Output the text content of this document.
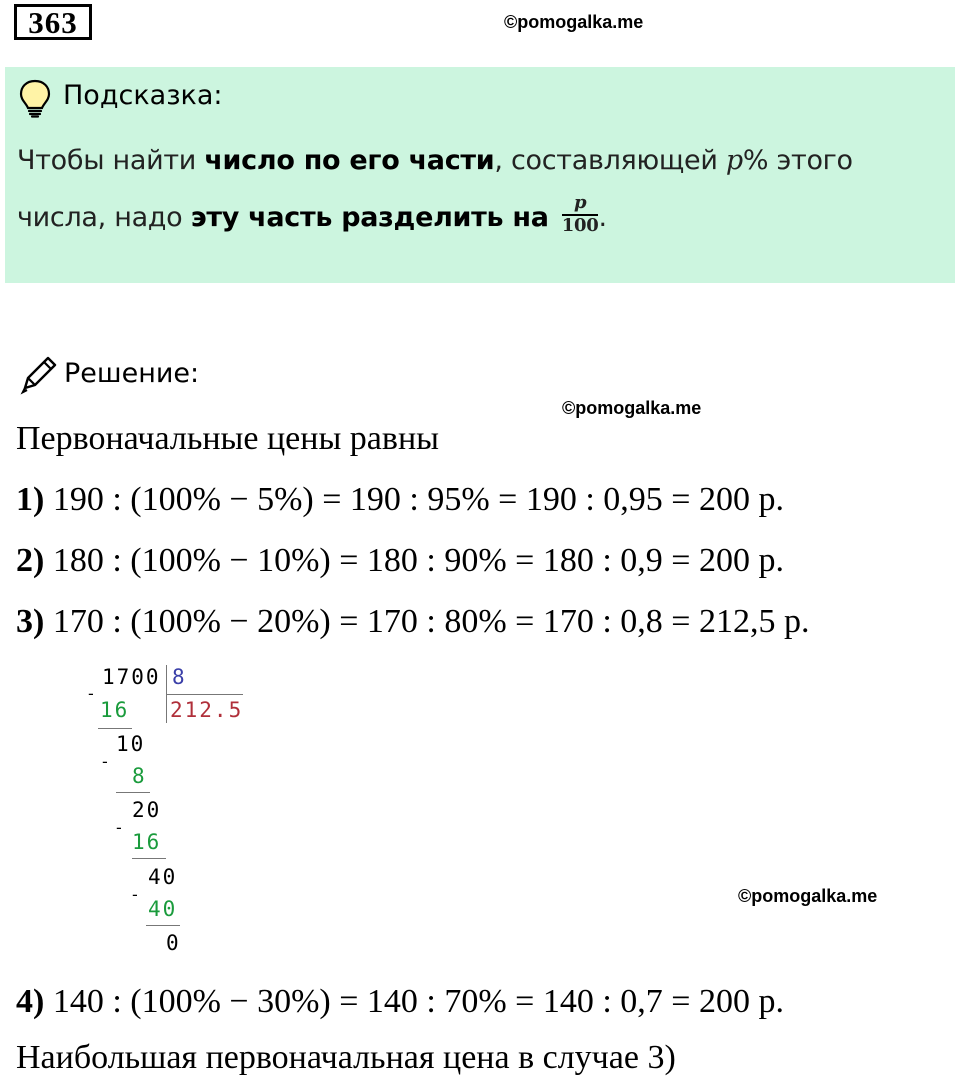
363	©pomogalka.me
Подсказка:
Чтобы найти число по его части, составляющей p% этого
числа, надо эту часть разделить на $\frac{p}{100}$ .
Решение:
©pomogalka.me
Первоначальные цены равны
1) 190 : (100% − 5%) = 190 : 95% = 190 : 0,95 = 200 р.
2) 180 : (100% − 10%) = 180 : 90% = 180 : 0,9 = 200 р.
3) 170 : (100% − 20%) = 170 : 80% = 170 : 0,8 = 212,5 р.
1700 8
212.5
-
16
10
-
8
20
-
16
40
-
40
0
©pomogalka.me
4) 140 : (100% − 30%) = 140 : 70% = 140 : 0,7 = 200 р.
Наибольшая первоначальная цена в случае 3)
